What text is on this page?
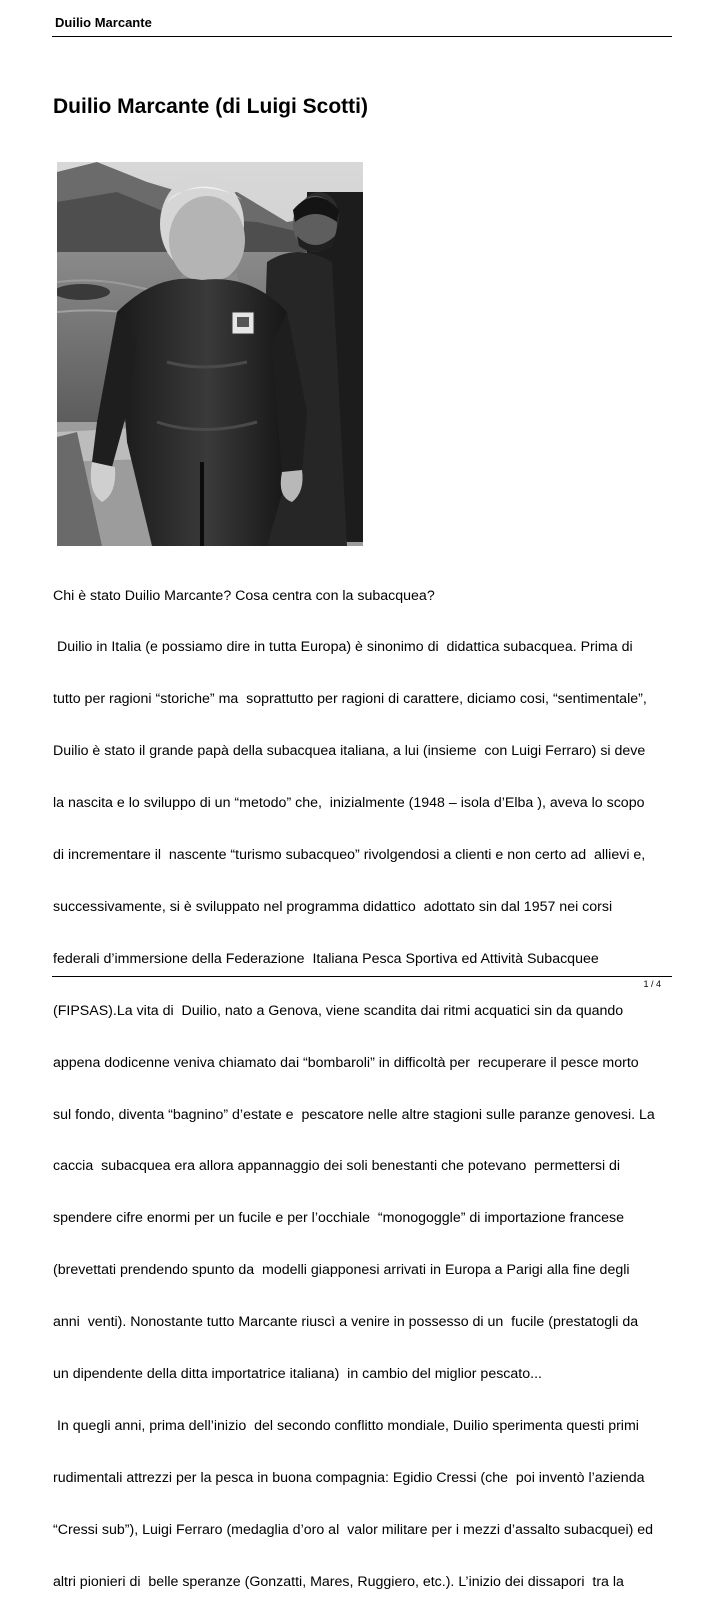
Duilio Marcante
Duilio Marcante (di Luigi Scotti)

Chi è stato Duilio Marcante? Cosa centra con la subacquea?

Duilio in Italia (e possiamo dire in tutta Europa) è sinonimo di  didattica subacquea. Prima di

tutto per ragioni “storiche” ma  soprattutto per ragioni di carattere, diciamo cosi, “sentimentale”,

Duilio è stato il grande papà della subacquea italiana, a lui (insieme  con Luigi Ferraro) si deve

la nascita e lo sviluppo di un “metodo” che,  inizialmente (1948 – isola d’Elba ), aveva lo scopo

di incrementare il  nascente “turismo subacqueo” rivolgendosi a clienti e non certo ad  allievi e,

successivamente, si è sviluppato nel programma didattico  adottato sin dal 1957 nei corsi

federali d’immersione della Federazione  Italiana Pesca Sportiva ed Attività Subacquee

(FIPSAS).La vita di  Duilio, nato a Genova, viene scandita dai ritmi acquatici sin da quando

appena dodicenne veniva chiamato dai “bombaroli” in difficoltà per  recuperare il pesce morto

sul fondo, diventa “bagnino” d’estate e  pescatore nelle altre stagioni sulle paranze genovesi. La

caccia  subacquea era allora appannaggio dei soli benestanti che potevano  permettersi di

spendere cifre enormi per un fucile e per l’occhiale  “monogoggle” di importazione francese

(brevettati prendendo spunto da  modelli giapponesi arrivati in Europa a Parigi alla fine degli

anni  venti). Nonostante tutto Marcante riuscì a venire in possesso di un  fucile (prestatogli da

un dipendente della ditta importatrice italiana)  in cambio del miglior pescato...

In quegli anni, prima dell’inizio  del secondo conflitto mondiale, Duilio sperimenta questi primi

rudimentali attrezzi per la pesca in buona compagnia: Egidio Cressi (che  poi inventò l’azienda

“Cressi sub”), Luigi Ferraro (medaglia d’oro al  valor militare per i mezzi d’assalto subacquei) ed

altri pionieri di  belle speranze (Gonzatti, Mares, Ruggiero, etc.). L’inizio dei dissapori  tra la

1 / 4
